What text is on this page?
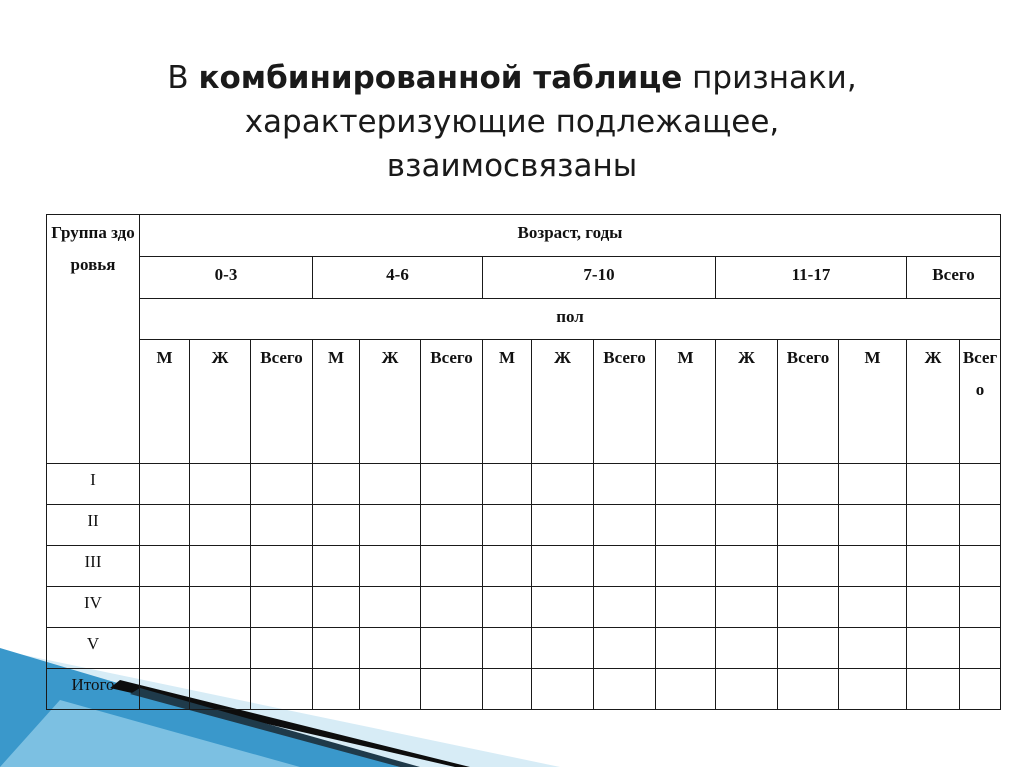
В комбинированной таблице признаки,
характеризующие подлежащее,
взаимосвязаны
Группа здоровья	Возраст, годы														
	0-3			4-6			7-10				11-17			Всего	
	пол														
	М	Ж	Всего	М	Ж	Всего	М	Ж	Всего	М	Ж	Всего	М	Ж	Всего
I															
II															
III															
IV															
V															
Итого															
